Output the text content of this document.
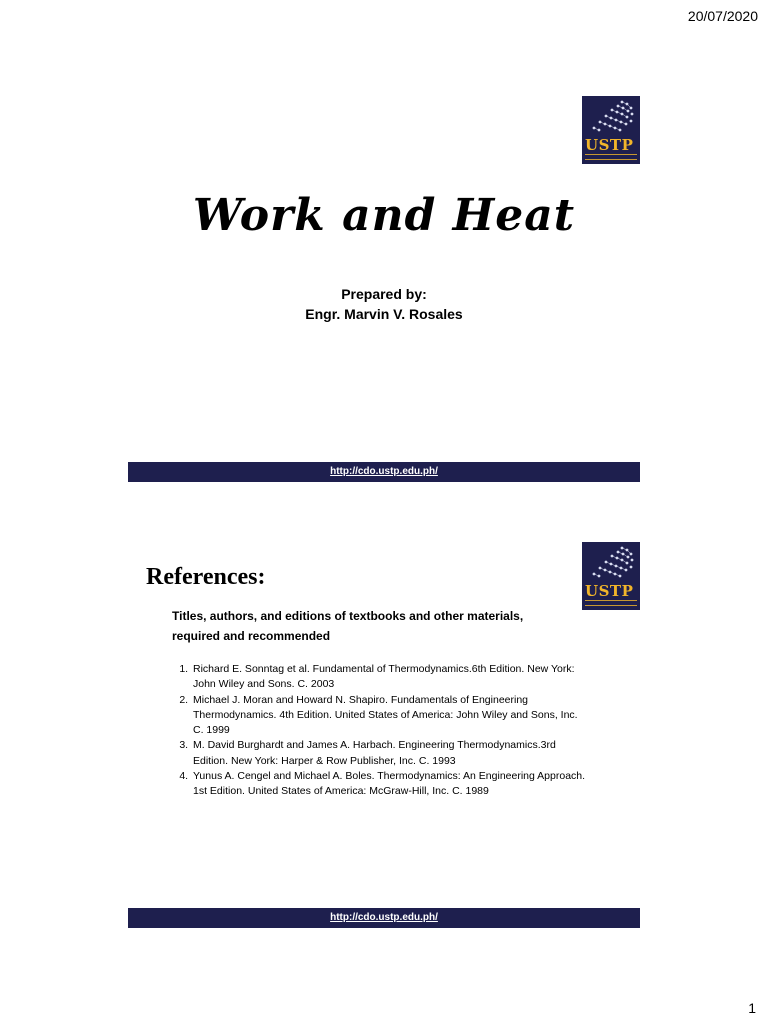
20/07/2020
USTP
Work and Heat
Prepared by:
Engr. Marvin V. Rosales
http://cdo.ustp.edu.ph/
USTP
References:
Titles, authors, and editions of textbooks and other materials, required and recommended
1. Richard E. Sonntag et al. Fundamental of Thermodynamics.6th Edition. New York: John Wiley and Sons. C. 2003
2. Michael J. Moran and Howard N. Shapiro. Fundamentals of Engineering Thermodynamics. 4th Edition. United States of America: John Wiley and Sons, Inc. C. 1999
3. M. David Burghardt and James A. Harbach. Engineering Thermodynamics.3rd Edition. New York: Harper & Row Publisher, Inc. C. 1993
4. Yunus A. Cengel and Michael A. Boles. Thermodynamics: An Engineering Approach. 1st Edition. United States of America: McGraw-Hill, Inc. C. 1989
http://cdo.ustp.edu.ph/
1
